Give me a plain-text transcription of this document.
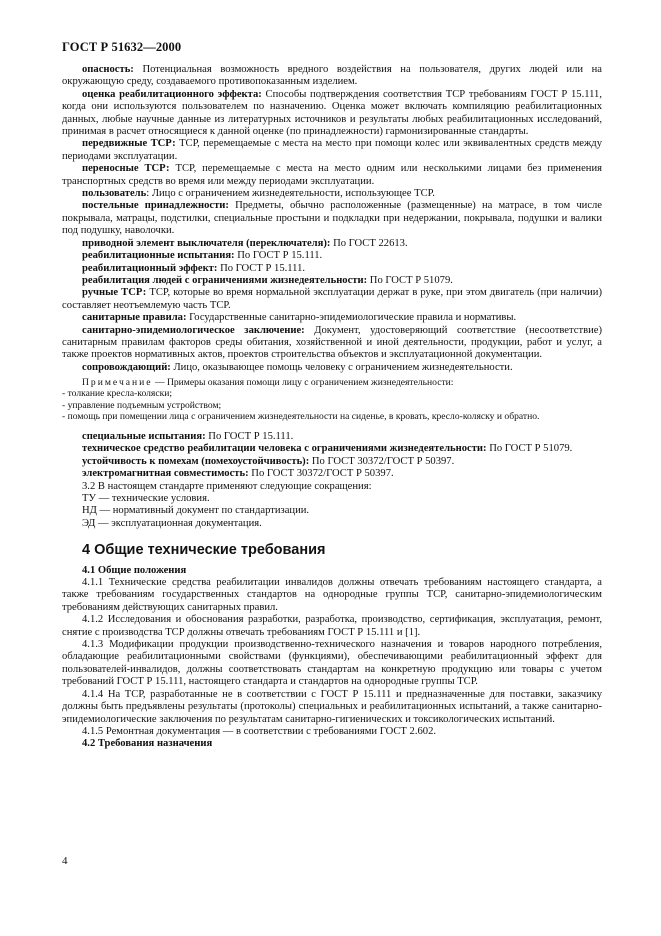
ГОСТ Р 51632—2000

опасность: Потенциальная возможность вредного воздействия на пользователя, других людей или на окружающую среду, создаваемого противопоказанным изделием.

оценка реабилитационного эффекта: Способы подтверждения соответствия ТСР требованиям ГОСТ Р 15.111, когда они используются пользователем по назначению. Оценка может включать компиляцию реабилитационных данных, любые научные данные из литературных источников и результаты любых реабилитационных исследований, принимая в расчет относящиеся к данной оценке (по принадлежности) гармонизированные стандарты.

передвижные ТСР: ТСР, перемещаемые с места на место при помощи колес или эквивалентных средств между периодами эксплуатации.

переносные ТСР: ТСР, перемещаемые с места на место одним или несколькими лицами без применения транспортных средств во время или между периодами эксплуатации.

пользователь: Лицо с ограничением жизнедеятельности, использующее ТСР.

постельные принадлежности: Предметы, обычно расположенные (размещенные) на матрасе, в том числе покрывала, матрацы, подстилки, специальные простыни и подкладки при недержании, покрывала, подушки и валики под подушку, наволочки.

приводной элемент выключателя (переключателя): По ГОСТ 22613.

реабилитационные испытания: По ГОСТ Р 15.111.

реабилитационный эффект: По ГОСТ Р 15.111.

реабилитация людей с ограничениями жизнедеятельности: По ГОСТ Р 51079.

ручные ТСР: ТСР, которые во время нормальной эксплуатации держат в руке, при этом двигатель (при наличии) составляет неотъемлемую часть ТСР.

санитарные правила: Государственные санитарно-эпидемиологические правила и нормативы.

санитарно-эпидемиологическое заключение: Документ, удостоверяющий соответствие (несоответствие) санитарным правилам факторов среды обитания, хозяйственной и иной деятельности, продукции, работ и услуг, а также проектов нормативных актов, проектов строительства объектов и эксплуатационной документации.

сопровождающий: Лицо, оказывающее помощь человеку с ограничением жизнедеятельности.

Примечание — Примеры оказания помощи лицу с ограничением жизнедеятельности:

- толкание кресла-коляски;

- управление подъемным устройством;

- помощь при помещении лица с ограничением жизнедеятельности на сиденье, в кровать, кресло-коляску и обратно.

специальные испытания: По ГОСТ Р 15.111.

техническое средство реабилитации человека с ограничениями жизнедеятельности: По ГОСТ Р 51079.

устойчивость к помехам (помехоустойчивость): По ГОСТ 30372/ГОСТ Р 50397.

электромагнитная совместимость: По ГОСТ 30372/ГОСТ Р 50397.

3.2 В настоящем стандарте применяют следующие сокращения:

ТУ — технические условия.

НД — нормативный документ по стандартизации.

ЭД — эксплуатационная документация.

4 Общие технические требования

4.1 Общие положения

4.1.1 Технические средства реабилитации инвалидов должны отвечать требованиям настоящего стандарта, а также требованиям государственных стандартов на однородные группы ТСР, санитарно-эпидемиологическим требованиям действующих санитарных правил.

4.1.2 Исследования и обоснования разработки, разработка, производство, сертификация, эксплуатация, ремонт, снятие с производства ТСР должны отвечать требованиям ГОСТ Р 15.111 и [1].

4.1.3 Модификации продукции производственно-технического назначения и товаров народного потребления, обладающие реабилитационными свойствами (функциями), обеспечивающими реабилитационный эффект для пользователей-инвалидов, должны соответствовать стандартам на конкретную продукцию или товары с учетом требований ГОСТ Р 15.111, настоящего стандарта и стандартов на однородные группы ТСР.

4.1.4 На ТСР, разработанные не в соответствии с ГОСТ Р 15.111 и предназначенные для поставки, заказчику должны быть предъявлены результаты (протоколы) специальных и реабилитационных испытаний, а также санитарно-эпидемиологические заключения по результатам санитарно-гигиенических и токсикологических испытаний.

4.1.5 Ремонтная документация — в соответствии с требованиями ГОСТ 2.602.

4.2 Требования назначения

4
